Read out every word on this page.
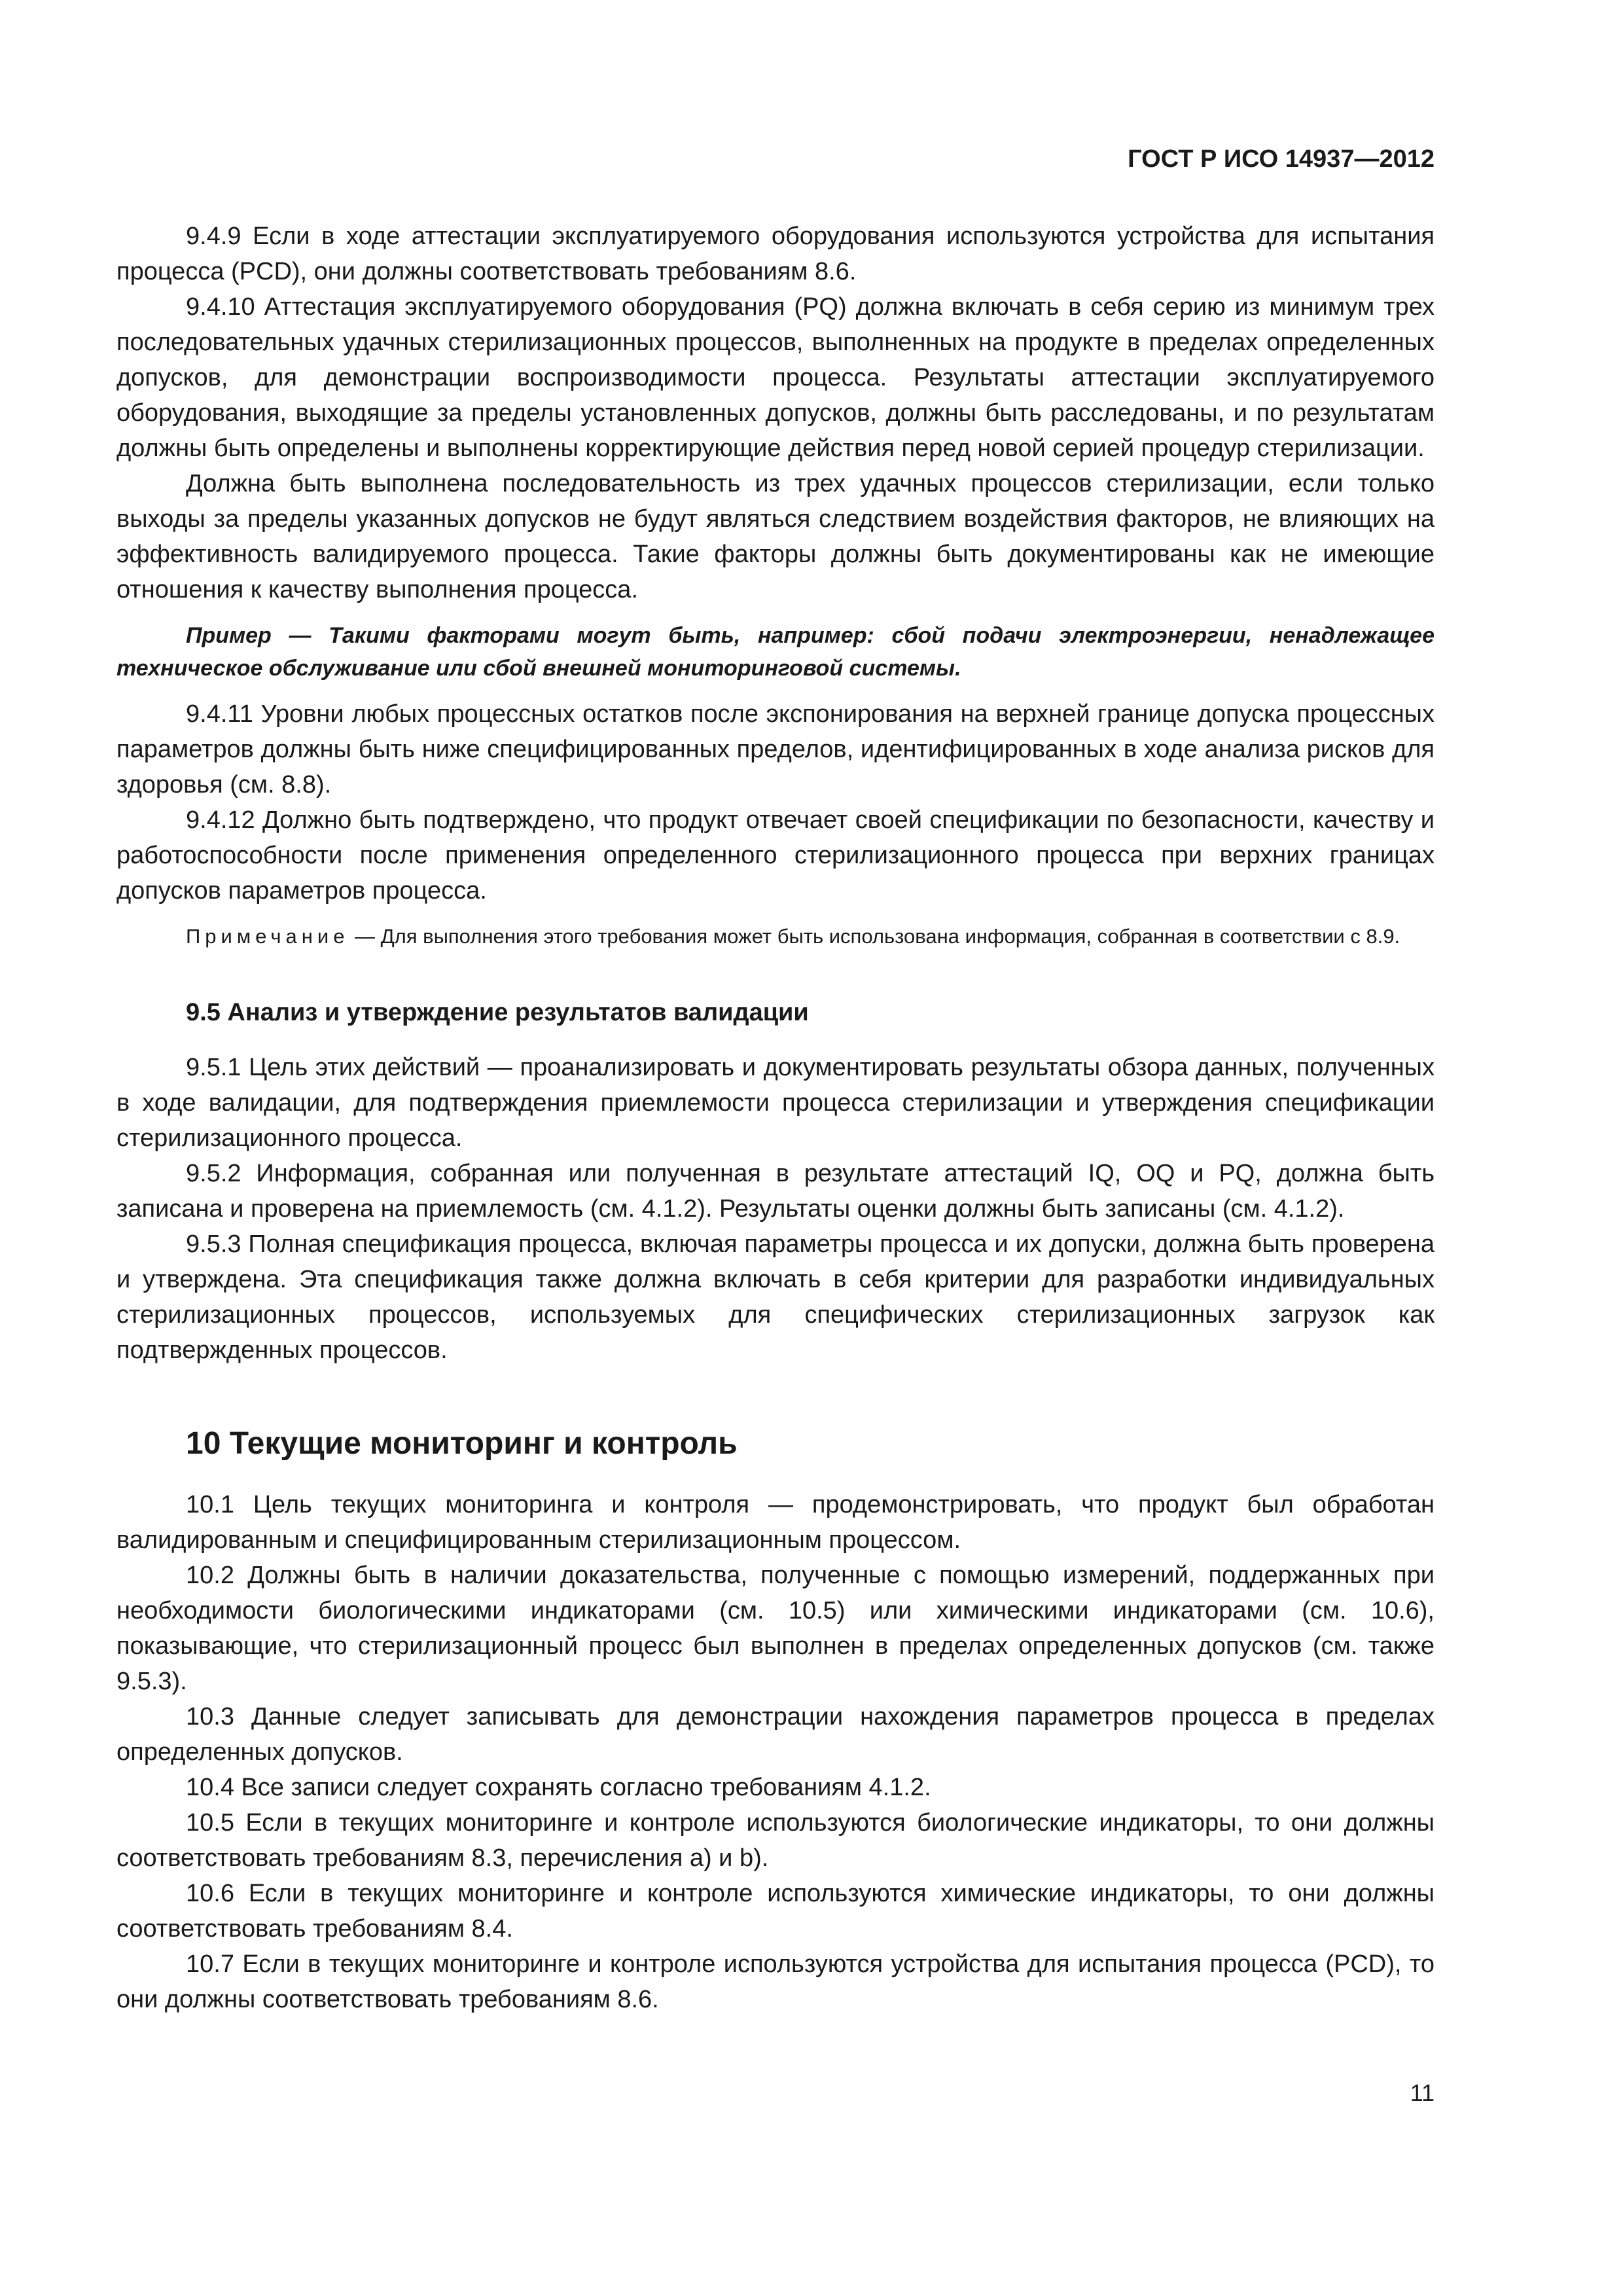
ГОСТ Р ИСО 14937—2012

9.4.9 Если в ходе аттестации эксплуатируемого оборудования используются устройства для испытания процесса (PCD), они должны соответствовать требованиям 8.6.

9.4.10 Аттестация эксплуатируемого оборудования (PQ) должна включать в себя серию из минимум трех последовательных удачных стерилизационных процессов, выполненных на продукте в пределах определенных допусков, для демонстрации воспроизводимости процесса. Результаты аттестации эксплуатируемого оборудования, выходящие за пределы установленных допусков, должны быть расследованы, и по результатам должны быть определены и выполнены корректирующие действия перед новой серией процедур стерилизации.

Должна быть выполнена последовательность из трех удачных процессов стерилизации, если только выходы за пределы указанных допусков не будут являться следствием воздействия факторов, не влияющих на эффективность валидируемого процесса. Такие факторы должны быть документированы как не имеющие отношения к качеству выполнения процесса.

Пример — Такими факторами могут быть, например: сбой подачи электроэнергии, ненадлежащее техническое обслуживание или сбой внешней мониторинговой системы.

9.4.11 Уровни любых процессных остатков после экспонирования на верхней границе допуска процессных параметров должны быть ниже специфицированных пределов, идентифицированных в ходе анализа рисков для здоровья (см. 8.8).

9.4.12 Должно быть подтверждено, что продукт отвечает своей спецификации по безопасности, качеству и работоспособности после применения определенного стерилизационного процесса при верхних границах допусков параметров процесса.

Примечание — Для выполнения этого требования может быть использована информация, собранная в соответствии с 8.9.

9.5 Анализ и утверждение результатов валидации

9.5.1 Цель этих действий — проанализировать и документировать результаты обзора данных, полученных в ходе валидации, для подтверждения приемлемости процесса стерилизации и утверждения спецификации стерилизационного процесса.

9.5.2 Информация, собранная или полученная в результате аттестаций IQ, OQ и PQ, должна быть записана и проверена на приемлемость (см. 4.1.2). Результаты оценки должны быть записаны (см. 4.1.2).

9.5.3 Полная спецификация процесса, включая параметры процесса и их допуски, должна быть проверена и утверждена. Эта спецификация также должна включать в себя критерии для разработки индивидуальных стерилизационных процессов, используемых для специфических стерилизационных загрузок как подтвержденных процессов.

10 Текущие мониторинг и контроль

10.1 Цель текущих мониторинга и контроля — продемонстрировать, что продукт был обработан валидированным и специфицированным стерилизационным процессом.

10.2 Должны быть в наличии доказательства, полученные с помощью измерений, поддержанных при необходимости биологическими индикаторами (см. 10.5) или химическими индикаторами (см. 10.6), показывающие, что стерилизационный процесс был выполнен в пределах определенных допусков (см. также 9.5.3).

10.3 Данные следует записывать для демонстрации нахождения параметров процесса в пределах определенных допусков.

10.4 Все записи следует сохранять согласно требованиям 4.1.2.

10.5 Если в текущих мониторинге и контроле используются биологические индикаторы, то они должны соответствовать требованиям 8.3, перечисления a) и b).

10.6 Если в текущих мониторинге и контроле используются химические индикаторы, то они должны соответствовать требованиям 8.4.

10.7 Если в текущих мониторинге и контроле используются устройства для испытания процесса (PCD), то они должны соответствовать требованиям 8.6.

11
